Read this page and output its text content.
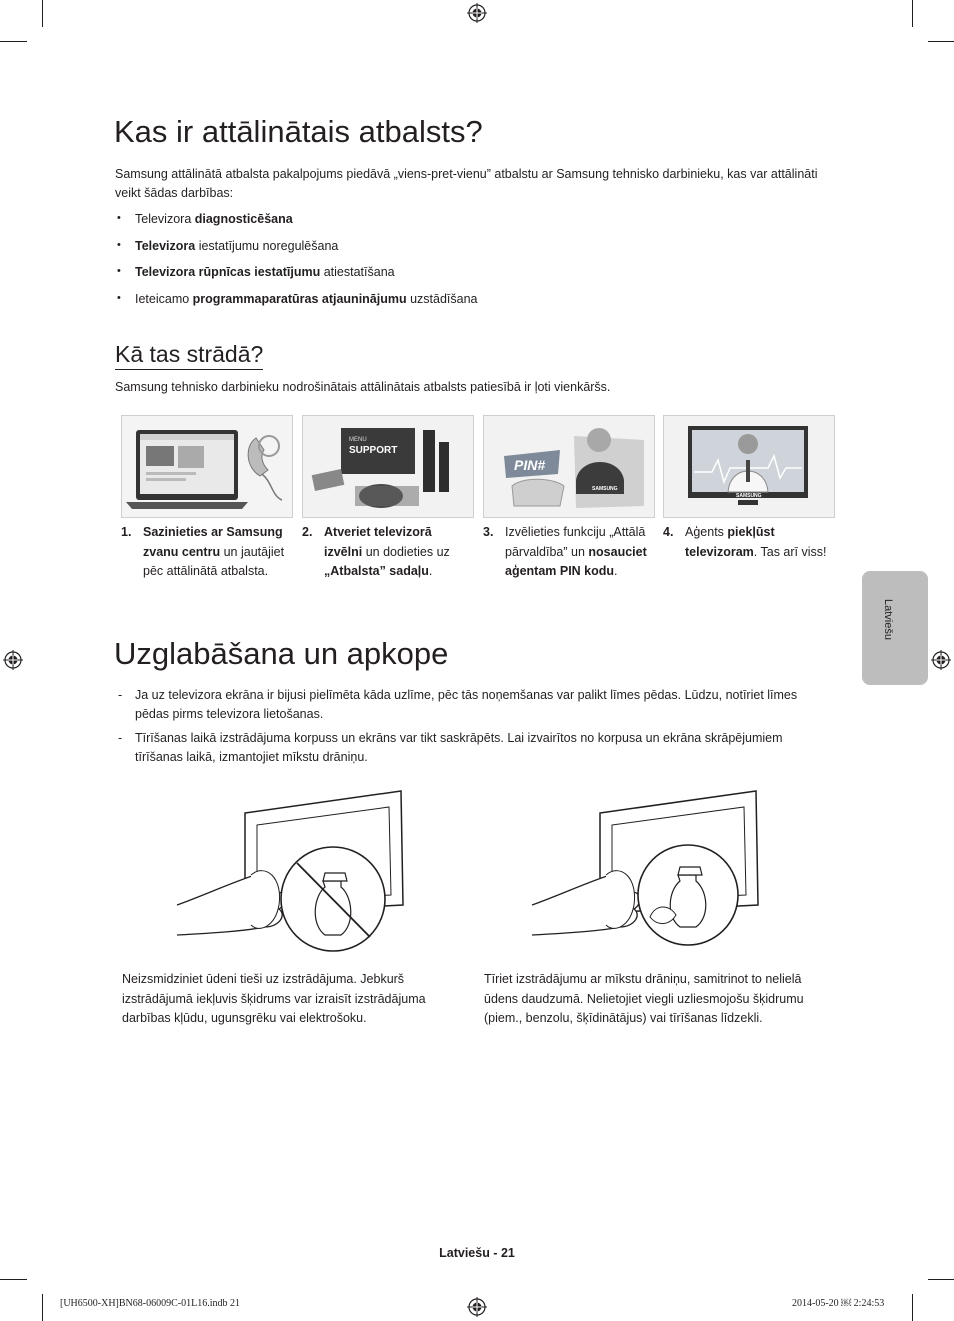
Kas ir attālinātais atbalsts?
Samsung attālinātā atbalsta pakalpojums piedāvā „viens-pret-vienu” atbalstu ar Samsung tehnisko darbinieku, kas var attālināti veikt šādas darbības:
• Televizora diagnosticēšana
• Televizora iestatījumu noregulēšana
• Televizora rūpnīcas iestatījumu atiestatīšana
• Ieteicamo programmaparatūras atjauninājumu uzstādīšana
Kā tas strādā?
Samsung tehnisko darbinieku nodrošinātais attālinātais atbalsts patiesībā ir ļoti vienkāršs.
MENU
SUPPORT
PIN#
SAMSUNG
SAMSUNG
1. Sazinieties ar Samsung zvanu centru un jautājiet pēc attālinātā atbalsta.
2. Atveriet televizorā izvēlni un dodieties uz „Atbalsta” sadaļu.
3. Izvēlieties funkciju „Attālā pārvaldība” un nosauciet aģentam PIN kodu.
4. Aģents piekļūst televizoram. Tas arī viss!
Uzglabāšana un apkope
- Ja uz televizora ekrāna ir bijusi pielīmēta kāda uzlīme, pēc tās noņemšanas var palikt līmes pēdas. Lūdzu, notīriet līmes pēdas pirms televizora lietošanas.
- Tīrīšanas laikā izstrādājuma korpuss un ekrāns var tikt saskrāpēts. Lai izvairītos no korpusa un ekrāna skrāpējumiem tīrīšanas laikā, izmantojiet mīkstu drāniņu.
Neizsmidziniet ūdeni tieši uz izstrādājuma. Jebkurš izstrādājumā iekļuvis šķidrums var izraisīt izstrādājuma darbības kļūdu, ugunsgrēku vai elektrošoku.
Tīriet izstrādājumu ar mīkstu drāniņu, samitrinot to nelielā ūdens daudzumā. Nelietojiet viegli uzliesmojošu šķidrumu (piem., benzolu, šķīdinātājus) vai tīrīšanas līdzekli.
Latviešu
Latviešu - 21
[UH6500-XH]BN68-06009C-01L16.indb 21	2014-05-20 ￼ 2:24:53
